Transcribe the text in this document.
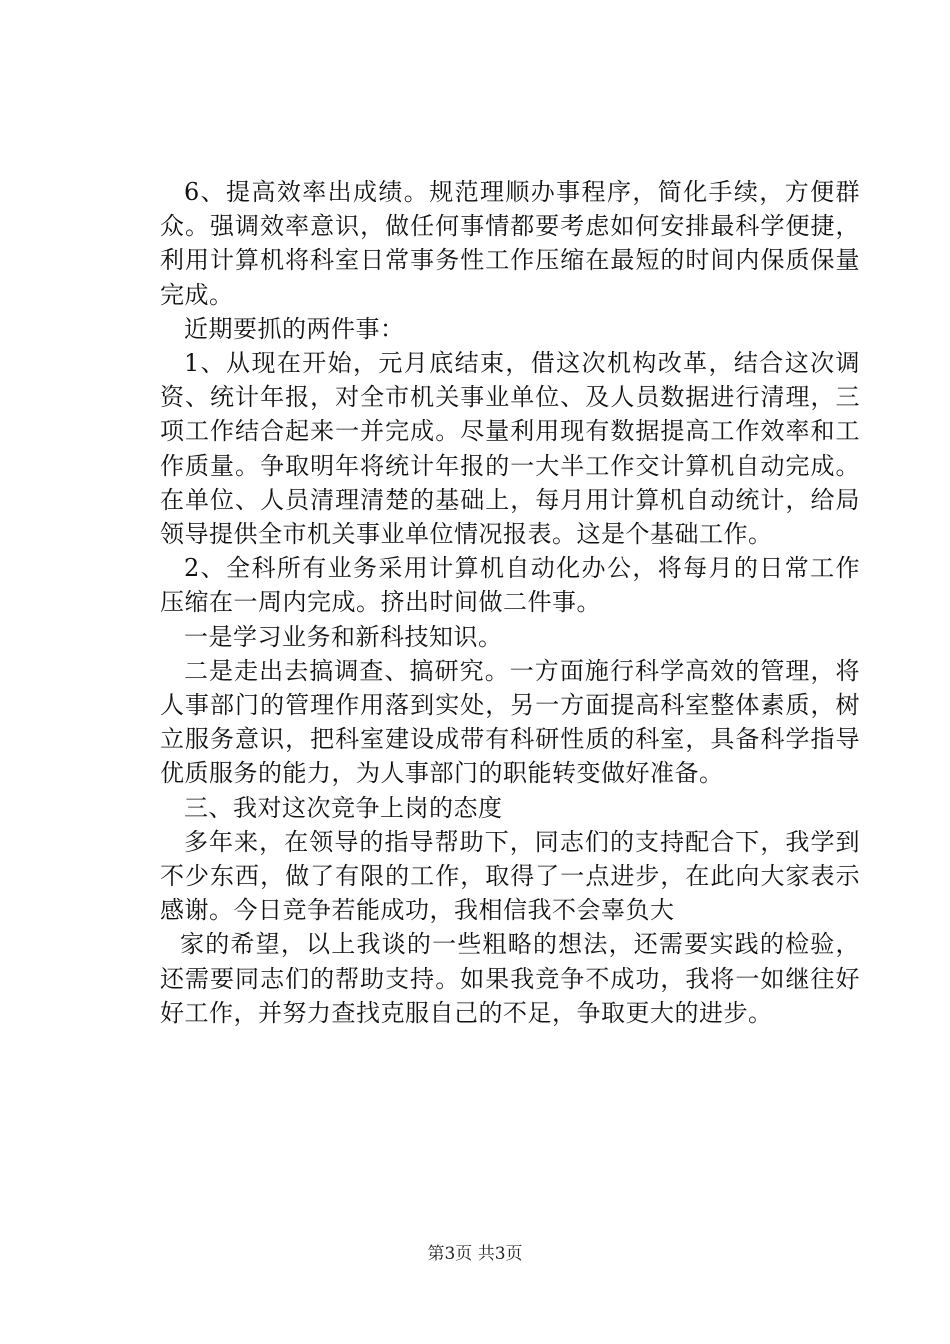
6、提高效率出成绩。规范理顺办事程序，简化手续，方便群众。强调效率意识，做任何事情都要考虑如何安排最科学便捷，利用计算机将科室日常事务性工作压缩在最短的时间内保质保量完成。

近期要抓的两件事：

1、从现在开始，元月底结束，借这次机构改革，结合这次调资、统计年报，对全市机关事业单位、及人员数据进行清理，三项工作结合起来一并完成。尽量利用现有数据提高工作效率和工作质量。争取明年将统计年报的一大半工作交计算机自动完成。在单位、人员清理清楚的基础上，每月用计算机自动统计，给局领导提供全市机关事业单位情况报表。这是个基础工作。

2、全科所有业务采用计算机自动化办公，将每月的日常工作压缩在一周内完成。挤出时间做二件事。

一是学习业务和新科技知识。

二是走出去搞调查、搞研究。一方面施行科学高效的管理，将人事部门的管理作用落到实处，另一方面提高科室整体素质，树立服务意识，把科室建设成带有科研性质的科室，具备科学指导优质服务的能力，为人事部门的职能转变做好准备。

三、我对这次竞争上岗的态度

多年来，在领导的指导帮助下，同志们的支持配合下，我学到不少东西，做了有限的工作，取得了一点进步，在此向大家表示感谢。今日竞争若能成功，我相信我不会辜负大

家的希望，以上我谈的一些粗略的想法，还需要实践的检验，还需要同志们的帮助支持。如果我竞争不成功，我将一如继往好好工作，并努力查找克服自己的不足，争取更大的进步。

第3页 共3页
